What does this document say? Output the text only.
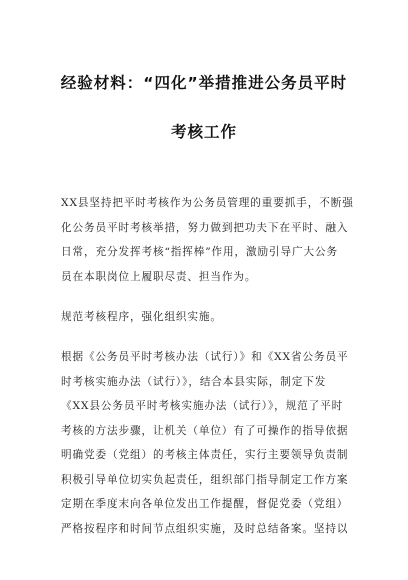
经验材料：“四化”举措推进公务员平时
考核工作
XX县坚持把平时考核作为公务员管理的重要抓手，不断强
化公务员平时考核举措，努力做到把功夫下在平时、融入
日常，充分发挥考核“指挥棒”作用，激励引导广大公务
员在本职岗位上履职尽责、担当作为。
规范考核程序，强化组织实施。
根据《公务员平时考核办法（试行）》和《XX省公务员平
时考核实施办法（试行）》，结合本县实际，制定下发
《XX县公务员平时考核实施办法（试行）》，规范了平时
考核的方法步骤，让机关（单位）有了可操作的指导依据
明确党委（党组）的考核主体责任，实行主要领导负责制
积极引导单位切实负起责任，组织部门指导制定工作方案
定期在季度末向各单位发出工作提醒，督促党委（党组）
严格按程序和时间节点组织实施，及时总结备案。坚持以
